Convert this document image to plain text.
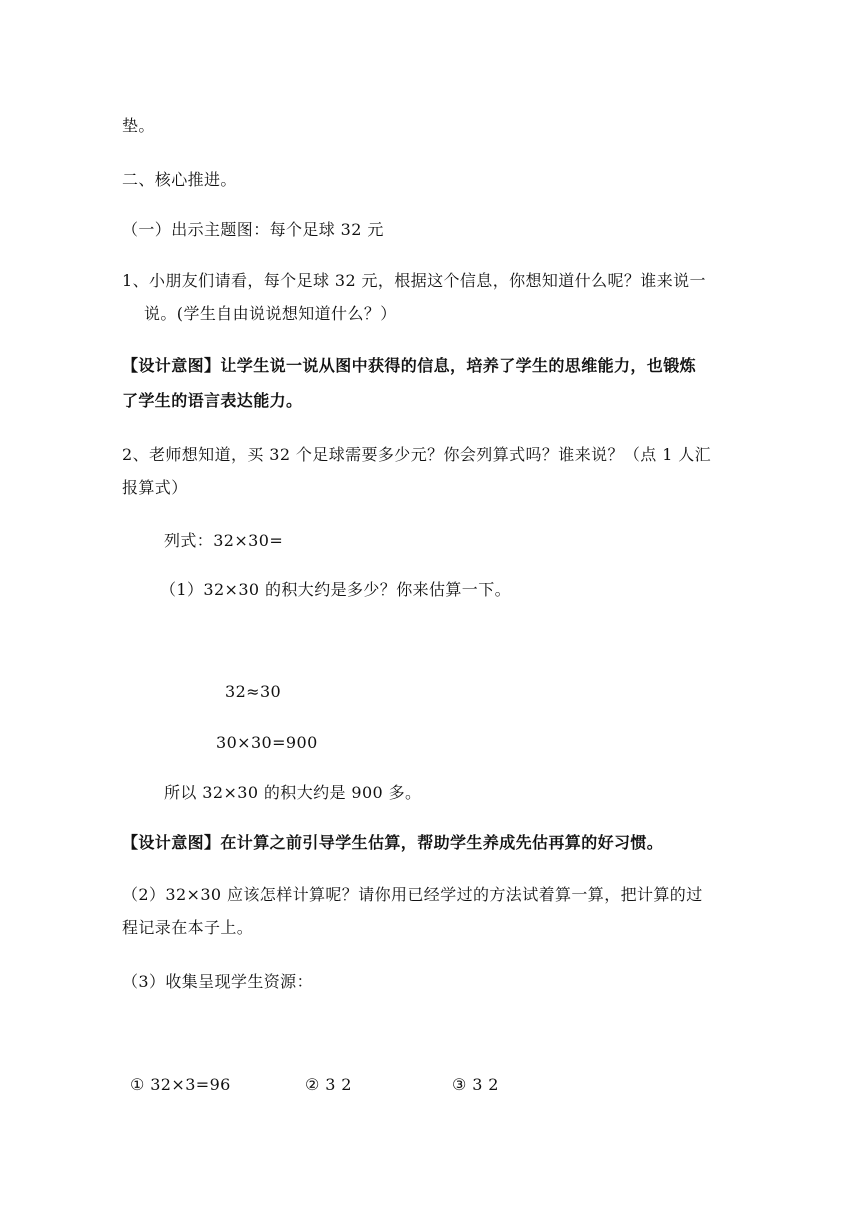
垫。
二、核心推进。
（一）出示主题图：每个足球 32 元
1、小朋友们请看，每个足球 32 元，根据这个信息，你想知道什么呢？谁来说一
说。(学生自由说说想知道什么？）
【设计意图】让学生说一说从图中获得的信息，培养了学生的思维能力，也锻炼
了学生的语言表达能力。
2、老师想知道，买 32 个足球需要多少元？你会列算式吗？谁来说？（点 1 人汇
报算式）
列式：32×30=
（1）32×30 的积大约是多少？你来估算一下。
32≈30
30×30=900
所以 32×30 的积大约是 900 多。
【设计意图】在计算之前引导学生估算，帮助学生养成先估再算的好习惯。
（2）32×30 应该怎样计算呢？请你用已经学过的方法试着算一算，把计算的过
程记录在本子上。
（3）收集呈现学生资源：
① 32×3=96	② 3 2	③ 3 2
